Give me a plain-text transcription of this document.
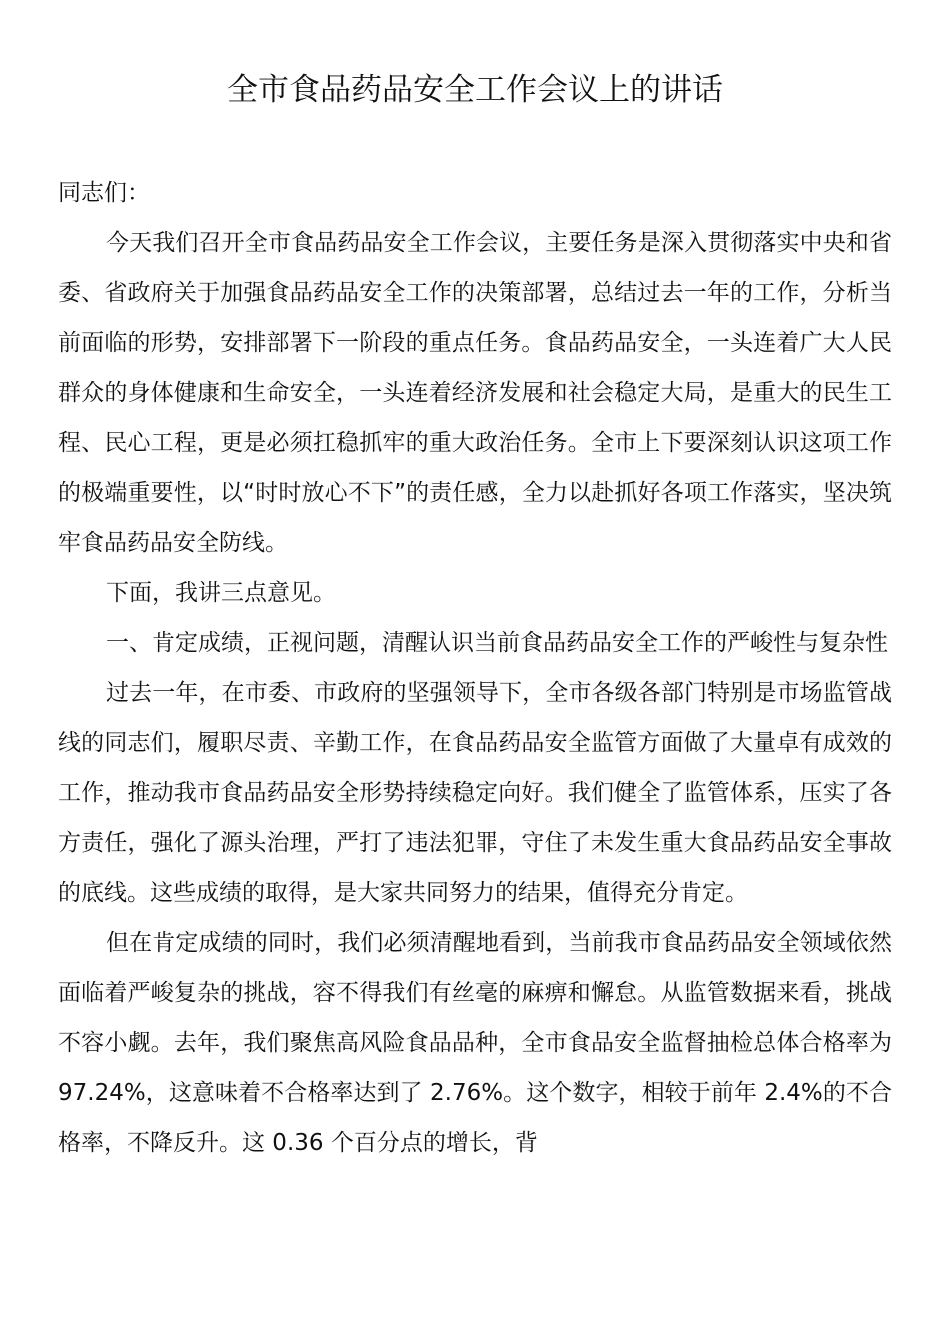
全市食品药品安全工作会议上的讲话

同志们：

今天我们召开全市食品药品安全工作会议，主要任务是深入贯彻落实中央和省委、省政府关于加强食品药品安全工作的决策部署，总结过去一年的工作，分析当前面临的形势，安排部署下一阶段的重点任务。食品药品安全，一头连着广大人民群众的身体健康和生命安全，一头连着经济发展和社会稳定大局，是重大的民生工程、民心工程，更是必须扛稳抓牢的重大政治任务。全市上下要深刻认识这项工作的极端重要性，以“时时放心不下”的责任感，全力以赴抓好各项工作落实，坚决筑牢食品药品安全防线。

下面，我讲三点意见。

一、肯定成绩，正视问题，清醒认识当前食品药品安全工作的严峻性与复杂性

过去一年，在市委、市政府的坚强领导下，全市各级各部门特别是市场监管战线的同志们，履职尽责、辛勤工作，在食品药品安全监管方面做了大量卓有成效的工作，推动我市食品药品安全形势持续稳定向好。我们健全了监管体系，压实了各方责任，强化了源头治理，严打了违法犯罪，守住了未发生重大食品药品安全事故的底线。这些成绩的取得，是大家共同努力的结果，值得充分肯定。

但在肯定成绩的同时，我们必须清醒地看到，当前我市食品药品安全领域依然面临着严峻复杂的挑战，容不得我们有丝毫的麻痹和懈怠。从监管数据来看，挑战不容小觑。去年，我们聚焦高风险食品品种，全市食品安全监督抽检总体合格率为 97.24%，这意味着不合格率达到了 2.76%。这个数字，相较于前年 2.4%的不合格率，不降反升。这 0.36 个百分点的增长，背
